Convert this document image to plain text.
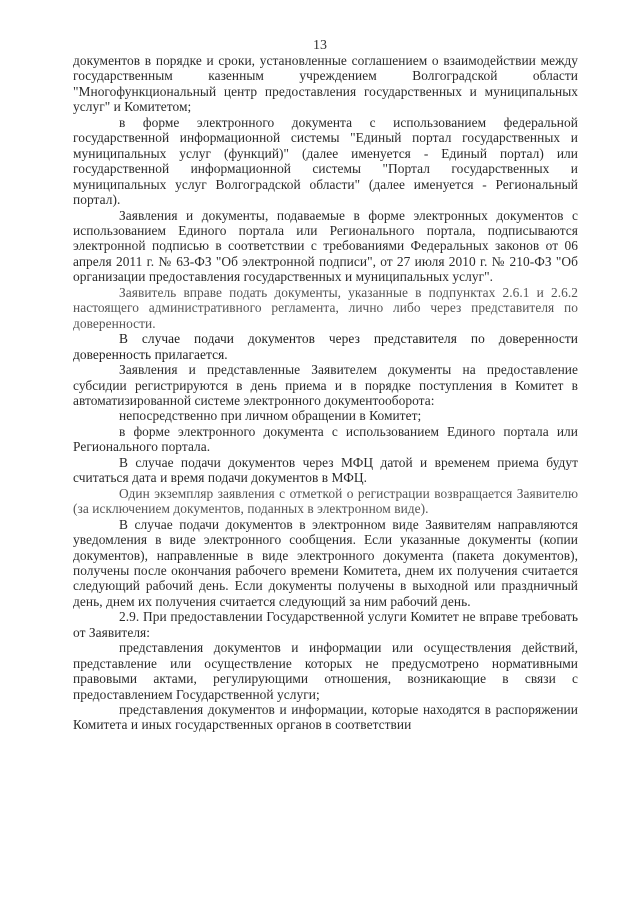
13

документов в порядке и сроки, установленные соглашением о взаимодействии между государственным казенным учреждением Волгоградской области "Многофункциональный центр предоставления государственных и муниципальных услуг" и Комитетом;

в форме электронного документа с использованием федеральной государственной информационной системы "Единый портал государственных и муниципальных услуг (функций)" (далее именуется - Единый портал) или государственной информационной системы "Портал государственных и муниципальных услуг Волгоградской области" (далее именуется - Региональный портал).

Заявления и документы, подаваемые в форме электронных документов с использованием Единого портала или Регионального портала, подписываются электронной подписью в соответствии с требованиями Федеральных законов от 06 апреля 2011 г. № 63-ФЗ "Об электронной подписи", от 27 июля 2010 г. № 210-ФЗ "Об организации предоставления государственных и муниципальных услуг".

Заявитель вправе подать документы, указанные в подпунктах 2.6.1 и 2.6.2 настоящего административного регламента, лично либо через представителя по доверенности.

В случае подачи документов через представителя по доверенности доверенность прилагается.

Заявления и представленные Заявителем документы на предоставление субсидии регистрируются в день приема и в порядке поступления в Комитет в автоматизированной системе электронного документооборота:

непосредственно при личном обращении в Комитет;

в форме электронного документа с использованием Единого портала или Регионального портала.

В случае подачи документов через МФЦ датой и временем приема будут считаться дата и время подачи документов в МФЦ.

Один экземпляр заявления с отметкой о регистрации возвращается Заявителю (за исключением документов, поданных в электронном виде).

В случае подачи документов в электронном виде Заявителям направляются уведомления в виде электронного сообщения. Если указанные документы (копии документов), направленные в виде электронного документа (пакета документов), получены после окончания рабочего времени Комитета, днем их получения считается следующий рабочий день. Если документы получены в выходной или праздничный день, днем их получения считается следующий за ним рабочий день.

2.9. При предоставлении Государственной услуги Комитет не вправе требовать от Заявителя:

представления документов и информации или осуществления действий, представление или осуществление которых не предусмотрено нормативными правовыми актами, регулирующими отношения, возникающие в связи с предоставлением Государственной услуги;

представления документов и информации, которые находятся в распоряжении Комитета и иных государственных органов в соответствии
